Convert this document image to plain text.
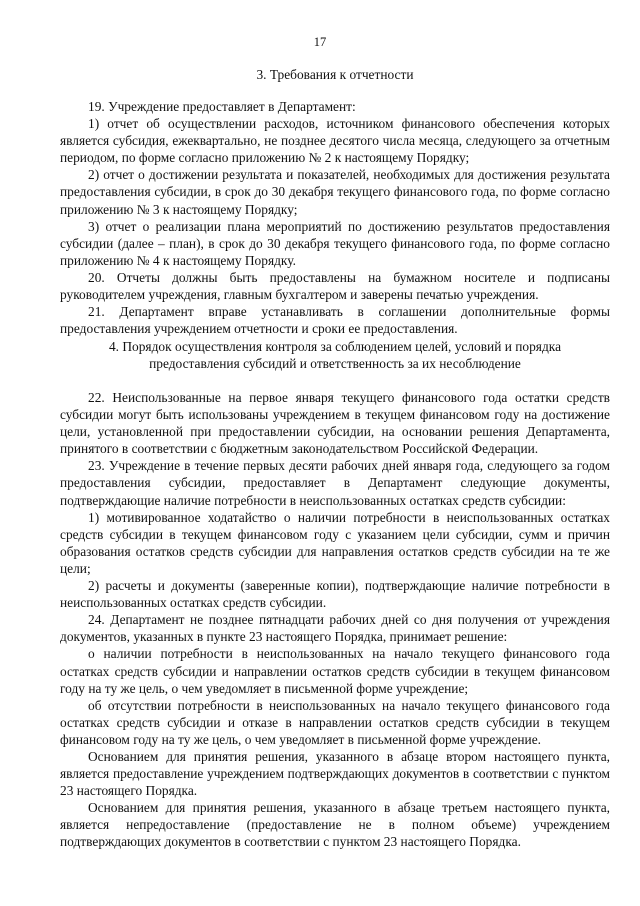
17
3. Требования к отчетности

19. Учреждение предоставляет в Департамент:

1) отчет об осуществлении расходов, источником финансового обеспечения которых является субсидия, ежеквартально, не позднее десятого числа месяца, следующего за отчетным периодом, по форме согласно приложению № 2 к настоящему Порядку;

2) отчет о достижении результата и показателей, необходимых для достижения результата предоставления субсидии, в срок до 30 декабря текущего финансового года, по форме согласно приложению № 3 к настоящему Порядку;

3) отчет о реализации плана мероприятий по достижению результатов предоставления субсидии (далее – план), в срок до 30 декабря текущего финансового года, по форме согласно приложению № 4 к настоящему Порядку.

20. Отчеты должны быть предоставлены на бумажном носителе и подписаны руководителем учреждения, главным бухгалтером и заверены печатью учреждения.

21. Департамент вправе устанавливать в соглашении дополнительные формы предоставления учреждением отчетности и сроки ее предоставления.

4. Порядок осуществления контроля за соблюдением целей, условий и порядка
предоставления субсидий и ответственность за их несоблюдение

22. Неиспользованные на первое января текущего финансового года остатки средств субсидии могут быть использованы учреждением в текущем финансовом году на достижение цели, установленной при предоставлении субсидии, на основании решения Департамента, принятого в соответствии с бюджетным законодательством Российской Федерации.

23. Учреждение в течение первых десяти рабочих дней января года, следующего за годом предоставления субсидии, предоставляет в Департамент следующие документы, подтверждающие наличие потребности в неиспользованных остатках средств субсидии:

1) мотивированное ходатайство о наличии потребности в неиспользованных остатках средств субсидии в текущем финансовом году с указанием цели субсидии, сумм и причин образования остатков средств субсидии для направления остатков средств субсидии на те же цели;

2) расчеты и документы (заверенные копии), подтверждающие наличие потребности в неиспользованных остатках средств субсидии.

24. Департамент не позднее пятнадцати рабочих дней со дня получения от учреждения документов, указанных в пункте 23 настоящего Порядка, принимает решение:

о наличии потребности в неиспользованных на начало текущего финансового года остатках средств субсидии и направлении остатков средств субсидии в текущем финансовом году на ту же цель, о чем уведомляет в письменной форме учреждение;

об отсутствии потребности в неиспользованных на начало текущего финансового года остатках средств субсидии и отказе в направлении остатков средств субсидии в текущем финансовом году на ту же цель, о чем уведомляет в письменной форме учреждение.

Основанием для принятия решения, указанного в абзаце втором настоящего пункта, является предоставление учреждением подтверждающих документов в соответствии с пунктом 23 настоящего Порядка.

Основанием для принятия решения, указанного в абзаце третьем настоящего пункта, является непредоставление (предоставление не в полном объеме) учреждением подтверждающих документов в соответствии с пунктом 23 настоящего Порядка.
